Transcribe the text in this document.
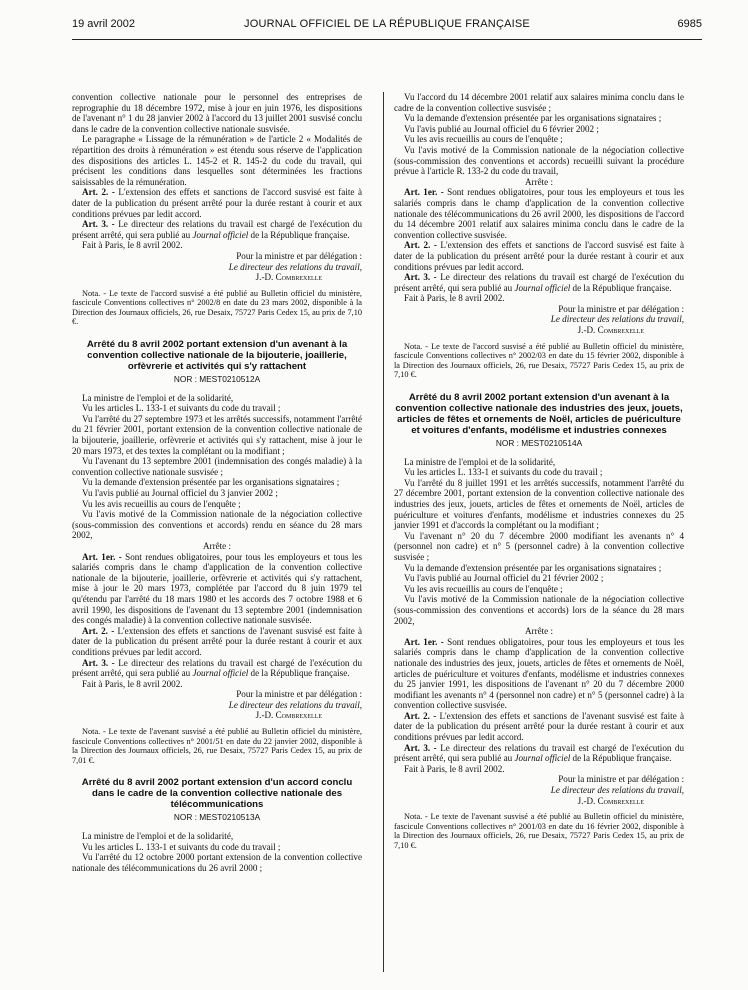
19 avril 2002	JOURNAL OFFICIEL DE LA RÉPUBLIQUE FRANÇAISE	6985

convention collective nationale pour le personnel des entreprises de reprographie du 18 décembre 1972, mise à jour en juin 1976, les dispositions de l'avenant n° 1 du 28 janvier 2002 à l'accord du 13 juillet 2001 susvisé conclu dans le cadre de la convention collective nationale susvisée.

Le paragraphe « Lissage de la rémunération » de l'article 2 « Modalités de répartition des droits à rémunération » est étendu sous réserve de l'application des dispositions des articles L. 145-2 et R. 145-2 du code du travail, qui précisent les conditions dans lesquelles sont déterminées les fractions saisissables de la rémunération.

Art. 2. - L'extension des effets et sanctions de l'accord susvisé est faite à dater de la publication du présent arrêté pour la durée restant à courir et aux conditions prévues par ledit accord.

Art. 3. - Le directeur des relations du travail est chargé de l'exécution du présent arrêté, qui sera publié au Journal officiel de la République française.

Fait à Paris, le 8 avril 2002.

Pour la ministre et par délégation :

Le directeur des relations du travail,

J.-D. Combrexelle

Nota. - Le texte de l'accord susvisé a été publié au Bulletin officiel du ministère, fascicule Conventions collectives n° 2002/8 en date du 23 mars 2002, disponible à la Direction des Journaux officiels, 26, rue Desaix, 75727 Paris Cedex 15, au prix de 7,10 €.

Arrêté du 8 avril 2002 portant extension d'un avenant à la convention collective nationale de la bijouterie, joaillerie, orfèvrerie et activités qui s'y rattachent
NOR : MEST0210512A

La ministre de l'emploi et de la solidarité,

Vu les articles L. 133-1 et suivants du code du travail ;

Vu l'arrêté du 27 septembre 1973 et les arrêtés successifs, notamment l'arrêté du 21 février 2001, portant extension de la convention collective nationale de la bijouterie, joaillerie, orfèvrerie et activités qui s'y rattachent, mise à jour le 20 mars 1973, et des textes la complétant ou la modifiant ;

Vu l'avenant du 13 septembre 2001 (indemnisation des congés maladie) à la convention collective nationale susvisée ;

Vu la demande d'extension présentée par les organisations signataires ;

Vu l'avis publié au Journal officiel du 3 janvier 2002 ;

Vu les avis recueillis au cours de l'enquête ;

Vu l'avis motivé de la Commission nationale de la négociation collective (sous-commission des conventions et accords) rendu en séance du 28 mars 2002,

Arrête :

Art. 1er. - Sont rendues obligatoires, pour tous les employeurs et tous les salariés compris dans le champ d'application de la convention collective nationale de la bijouterie, joaillerie, orfèvrerie et activités qui s'y rattachent, mise à jour le 20 mars 1973, complétée par l'accord du 8 juin 1979 tel qu'étendu par l'arrêté du 18 mars 1980 et les accords des 7 octobre 1988 et 6 avril 1990, les dispositions de l'avenant du 13 septembre 2001 (indemnisation des congés maladie) à la convention collective nationale susvisée.

Art. 2. - L'extension des effets et sanctions de l'avenant susvisé est faite à dater de la publication du présent arrêté pour la durée restant à courir et aux conditions prévues par ledit accord.

Art. 3. - Le directeur des relations du travail est chargé de l'exécution du présent arrêté, qui sera publié au Journal officiel de la République française.

Fait à Paris, le 8 avril 2002.

Pour la ministre et par délégation :

Le directeur des relations du travail,

J.-D. Combrexelle

Nota. - Le texte de l'avenant susvisé a été publié au Bulletin officiel du ministère, fascicule Conventions collectives n° 2001/51 en date du 22 janvier 2002, disponible à la Direction des Journaux officiels, 26, rue Desaix, 75727 Paris Cedex 15, au prix de 7,01 €.

Arrêté du 8 avril 2002 portant extension d'un accord conclu dans le cadre de la convention collective nationale des télécommunications
NOR : MEST0210513A

La ministre de l'emploi et de la solidarité,

Vu les articles L. 133-1 et suivants du code du travail ;

Vu l'arrêté du 12 octobre 2000 portant extension de la convention collective nationale des télécommunications du 26 avril 2000 ;

Vu l'accord du 14 décembre 2001 relatif aux salaires minima conclu dans le cadre de la convention collective susvisée ;

Vu la demande d'extension présentée par les organisations signataires ;

Vu l'avis publié au Journal officiel du 6 février 2002 ;

Vu les avis recueillis au cours de l'enquête ;

Vu l'avis motivé de la Commission nationale de la négociation collective (sous-commission des conventions et accords) recueilli suivant la procédure prévue à l'article R. 133-2 du code du travail,

Arrête :

Art. 1er. - Sont rendues obligatoires, pour tous les employeurs et tous les salariés compris dans le champ d'application de la convention collective nationale des télécommunications du 26 avril 2000, les dispositions de l'accord du 14 décembre 2001 relatif aux salaires minima conclu dans le cadre de la convention collective susvisée.

Art. 2. - L'extension des effets et sanctions de l'accord susvisé est faite à dater de la publication du présent arrêté pour la durée restant à courir et aux conditions prévues par ledit accord.

Art. 3. - Le directeur des relations du travail est chargé de l'exécution du présent arrêté, qui sera publié au Journal officiel de la République française.

Fait à Paris, le 8 avril 2002.

Pour la ministre et par délégation :

Le directeur des relations du travail,

J.-D. Combrexelle

Nota. - Le texte de l'accord susvisé a été publié au Bulletin officiel du ministère, fascicule Conventions collectives n° 2002/03 en date du 15 février 2002, disponible à la Direction des Journaux officiels, 26, rue Desaix, 75727 Paris Cedex 15, au prix de 7,10 €.

Arrêté du 8 avril 2002 portant extension d'un avenant à la convention collective nationale des industries des jeux, jouets, articles de fêtes et ornements de Noël, articles de puériculture et voitures d'enfants, modélisme et industries connexes
NOR : MEST0210514A

La ministre de l'emploi et de la solidarité,

Vu les articles L. 133-1 et suivants du code du travail ;

Vu l'arrêté du 8 juillet 1991 et les arrêtés successifs, notamment l'arrêté du 27 décembre 2001, portant extension de la convention collective nationale des industries des jeux, jouets, articles de fêtes et ornements de Noël, articles de puériculture et voitures d'enfants, modélisme et industries connexes du 25 janvier 1991 et d'accords la complétant ou la modifiant ;

Vu l'avenant n° 20 du 7 décembre 2000 modifiant les avenants n° 4 (personnel non cadre) et n° 5 (personnel cadre) à la convention collective susvisée ;

Vu la demande d'extension présentée par les organisations signataires ;

Vu l'avis publié au Journal officiel du 21 février 2002 ;

Vu les avis recueillis au cours de l'enquête ;

Vu l'avis motivé de la Commission nationale de la négociation collective (sous-commission des conventions et accords) lors de la séance du 28 mars 2002,

Arrête :

Art. 1er. - Sont rendues obligatoires, pour tous les employeurs et tous les salariés compris dans le champ d'application de la convention collective nationale des industries des jeux, jouets, articles de fêtes et ornements de Noël, articles de puériculture et voitures d'enfants, modélisme et industries connexes du 25 janvier 1991, les dispositions de l'avenant n° 20 du 7 décembre 2000 modifiant les avenants n° 4 (personnel non cadre) et n° 5 (personnel cadre) à la convention collective susvisée.

Art. 2. - L'extension des effets et sanctions de l'avenant susvisé est faite à dater de la publication du présent arrêté pour la durée restant à courir et aux conditions prévues par ledit accord.

Art. 3. - Le directeur des relations du travail est chargé de l'exécution du présent arrêté, qui sera publié au Journal officiel de la République française.

Fait à Paris, le 8 avril 2002.

Pour la ministre et par délégation :

Le directeur des relations du travail,

J.-D. Combrexelle

Nota. - Le texte de l'avenant susvisé a été publié au Bulletin officiel du ministère, fascicule Conventions collectives n° 2001/03 en date du 16 février 2002, disponible à la Direction des Journaux officiels, 26, rue Desaix, 75727 Paris Cedex 15, au prix de 7,10 €.
